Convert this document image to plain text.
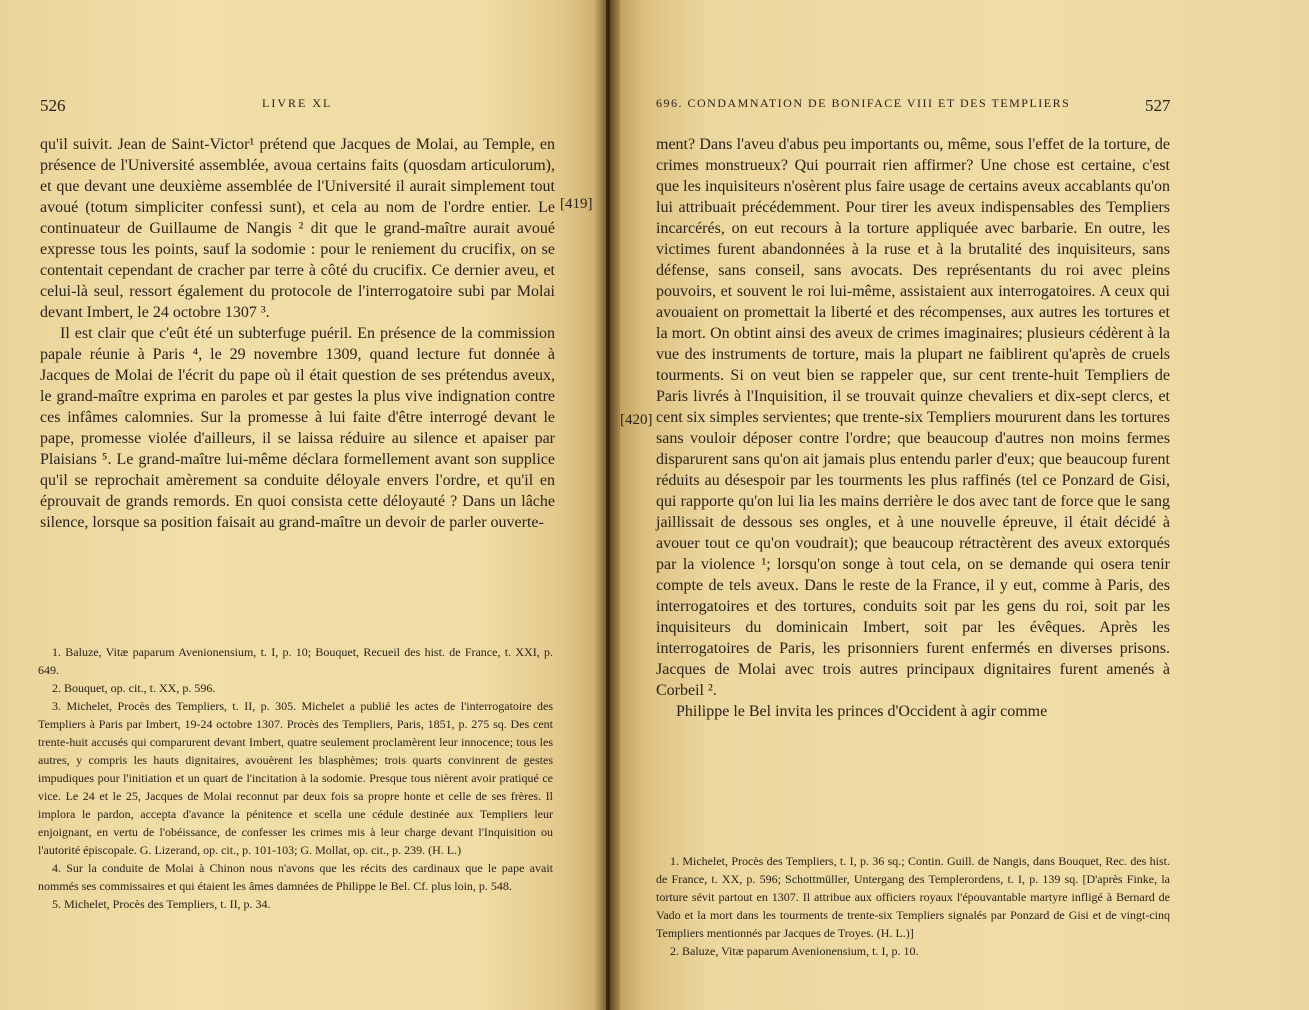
526	LIVRE XL

qu'il suivit. Jean de Saint-Victor¹ prétend que Jacques de Molai, au Temple, en présence de l'Université assemblée, avoua certains faits (quosdam articulorum), et que devant une deuxième assemblée de l'Université il aurait simplement tout avoué (totum simpliciter confessi sunt), et cela au nom de l'ordre entier. Le continuateur de Guillaume de Nangis ² dit que le grand-maître aurait avoué expresse tous les points, sauf la sodomie : pour le reniement du crucifix, on se contentait cependant de cracher par terre à côté du crucifix. Ce dernier aveu, et celui-là seul, ressort également du protocole de l'interrogatoire subi par Molai devant Imbert, le 24 octobre 1307 ³.

Il est clair que c'eût été un subterfuge puéril. En présence de la commission papale réunie à Paris ⁴, le 29 novembre 1309, quand lecture fut donnée à Jacques de Molai de l'écrit du pape où il était question de ses prétendus aveux, le grand-maître exprima en paroles et par gestes la plus vive indignation contre ces infâmes calomnies. Sur la promesse à lui faite d'être interrogé devant le pape, promesse violée d'ailleurs, il se laissa réduire au silence et apaiser par Plaisians ⁵. Le grand-maître lui-même déclara formellement avant son supplice qu'il se reprochait amèrement sa conduite déloyale envers l'ordre, et qu'il en éprouvait de grands remords. En quoi consista cette déloyauté ? Dans un lâche silence, lorsque sa position faisait au grand-maître un devoir de parler ouverte-

1. Baluze, Vitæ paparum Avenionensium, t. I, p. 10; Bouquet, Recueil des hist. de France, t. XXI, p. 649.

2. Bouquet, op. cit., t. XX, p. 596.

3. Michelet, Procès des Templiers, t. II, p. 305. Michelet a publié les actes de l'interrogatoire des Templiers à Paris par Imbert, 19-24 octobre 1307. Procès des Templiers, Paris, 1851, p. 275 sq. Des cent trente-huit accusés qui comparurent devant Imbert, quatre seulement proclamèrent leur innocence; tous les autres, y compris les hauts dignitaires, avouèrent les blasphèmes; trois quarts convinrent de gestes impudiques pour l'initiation et un quart de l'incitation à la sodomie. Presque tous nièrent avoir pratiqué ce vice. Le 24 et le 25, Jacques de Molai reconnut par deux fois sa propre honte et celle de ses frères. Il implora le pardon, accepta d'avance la pénitence et scella une cédule destinée aux Templiers leur enjoignant, en vertu de l'obéissance, de confesser les crimes mis à leur charge devant l'Inquisition ou l'autorité épiscopale. G. Lizerand, op. cit., p. 101-103; G. Mollat, op. cit., p. 239. (H. L.)

4. Sur la conduite de Molai à Chinon nous n'avons que les récits des cardinaux que le pape avait nommés ses commissaires et qui étaient les âmes damnées de Philippe le Bel. Cf. plus loin, p. 548.

5. Michelet, Procès des Templiers, t. II, p. 34.

[419]
696. CONDAMNATION DE BONIFACE VIII ET DES TEMPLIERS	527

ment? Dans l'aveu d'abus peu importants ou, même, sous l'effet de la torture, de crimes monstrueux? Qui pourrait rien affirmer? Une chose est certaine, c'est que les inquisiteurs n'osèrent plus faire usage de certains aveux accablants qu'on lui attribuait précédemment. Pour tirer les aveux indispensables des Templiers incarcérés, on eut recours à la torture appliquée avec barbarie. En outre, les victimes furent abandonnées à la ruse et à la brutalité des inquisiteurs, sans défense, sans conseil, sans avocats. Des représentants du roi avec pleins pouvoirs, et souvent le roi lui-même, assistaient aux interrogatoires. A ceux qui avouaient on promettait la liberté et des récompenses, aux autres les tortures et la mort. On obtint ainsi des aveux de crimes imaginaires; plusieurs cédèrent à la vue des instruments de torture, mais la plupart ne faiblirent qu'après de cruels tourments. Si on veut bien se rappeler que, sur cent trente-huit Templiers de Paris livrés à l'Inquisition, il se trouvait quinze chevaliers et dix-sept clercs, et cent six simples servientes; que trente-six Templiers moururent dans les tortures sans vouloir déposer contre l'ordre; que beaucoup d'autres non moins fermes disparurent sans qu'on ait jamais plus entendu parler d'eux; que beaucoup furent réduits au désespoir par les tourments les plus raffinés (tel ce Ponzard de Gisi, qui rapporte qu'on lui lia les mains derrière le dos avec tant de force que le sang jaillissait de dessous ses ongles, et à une nouvelle épreuve, il était décidé à avouer tout ce qu'on voudrait); que beaucoup rétractèrent des aveux extorqués par la violence ¹; lorsqu'on songe à tout cela, on se demande qui osera tenir compte de tels aveux. Dans le reste de la France, il y eut, comme à Paris, des interrogatoires et des tortures, conduits soit par les gens du roi, soit par les inquisiteurs du dominicain Imbert, soit par les évêques. Après les interrogatoires de Paris, les prisonniers furent enfermés en diverses prisons. Jacques de Molai avec trois autres principaux dignitaires furent amenés à Corbeil ².

Philippe le Bel invita les princes d'Occident à agir comme

1. Michelet, Procès des Templiers, t. I, p. 36 sq.; Contin. Guill. de Nangis, dans Bouquet, Rec. des hist. de France, t. XX, p. 596; Schottmüller, Untergang des Templerordens, t. I, p. 139 sq. [D'après Finke, la torture sévit partout en 1307. Il attribue aux officiers royaux l'épouvantable martyre infligé à Bernard de Vado et la mort dans les tourments de trente-six Templiers signalés par Ponzard de Gisi et de vingt-cinq Templiers mentionnés par Jacques de Troyes. (H. L.)]

2. Baluze, Vitæ paparum Avenionensium, t. I, p. 10.

[420]
